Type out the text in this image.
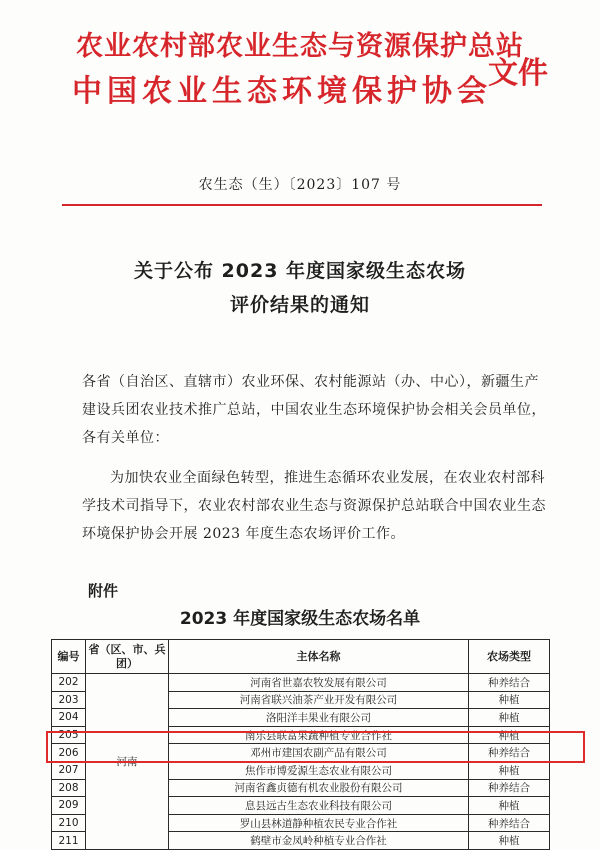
农业农村部农业生态与资源保护总站
中国农业生态环境保护协会
文件
农生态（生）〔2023〕107 号
关于公布 2023 年度国家级生态农场
评价结果的通知
各省（自治区、直辖市）农业环保、农村能源站（办、中心），新疆生产建设兵团农业技术推广总站，中国农业生态环境保护协会相关会员单位，各有关单位：
为加快农业全面绿色转型，推进生态循环农业发展，在农业农村部科学技术司指导下，农业农村部农业生态与资源保护总站联合中国农业生态环境保护协会开展 2023 年度生态农场评价工作。
附件
2023 年度国家级生态农场名单
编号	省（区、市、兵团）	主体名称	农场类型
202	河南	河南省世嘉农牧发展有限公司	种养结合
203		河南省联兴油茶产业开发有限公司	种植
204		洛阳洋丰果业有限公司	种植
205		南乐县联富果蔬种植专业合作社	种植
206		邓州市建国农副产品有限公司	种养结合
207		焦作市博爱源生态农业有限公司	种植
208		河南省鑫贞德有机农业股份有限公司	种养结合
209		息县远古生态农业科技有限公司	种植
210		罗山县林道静种植农民专业合作社	种养结合
211		鹤壁市金凤岭种植专业合作社	种植
